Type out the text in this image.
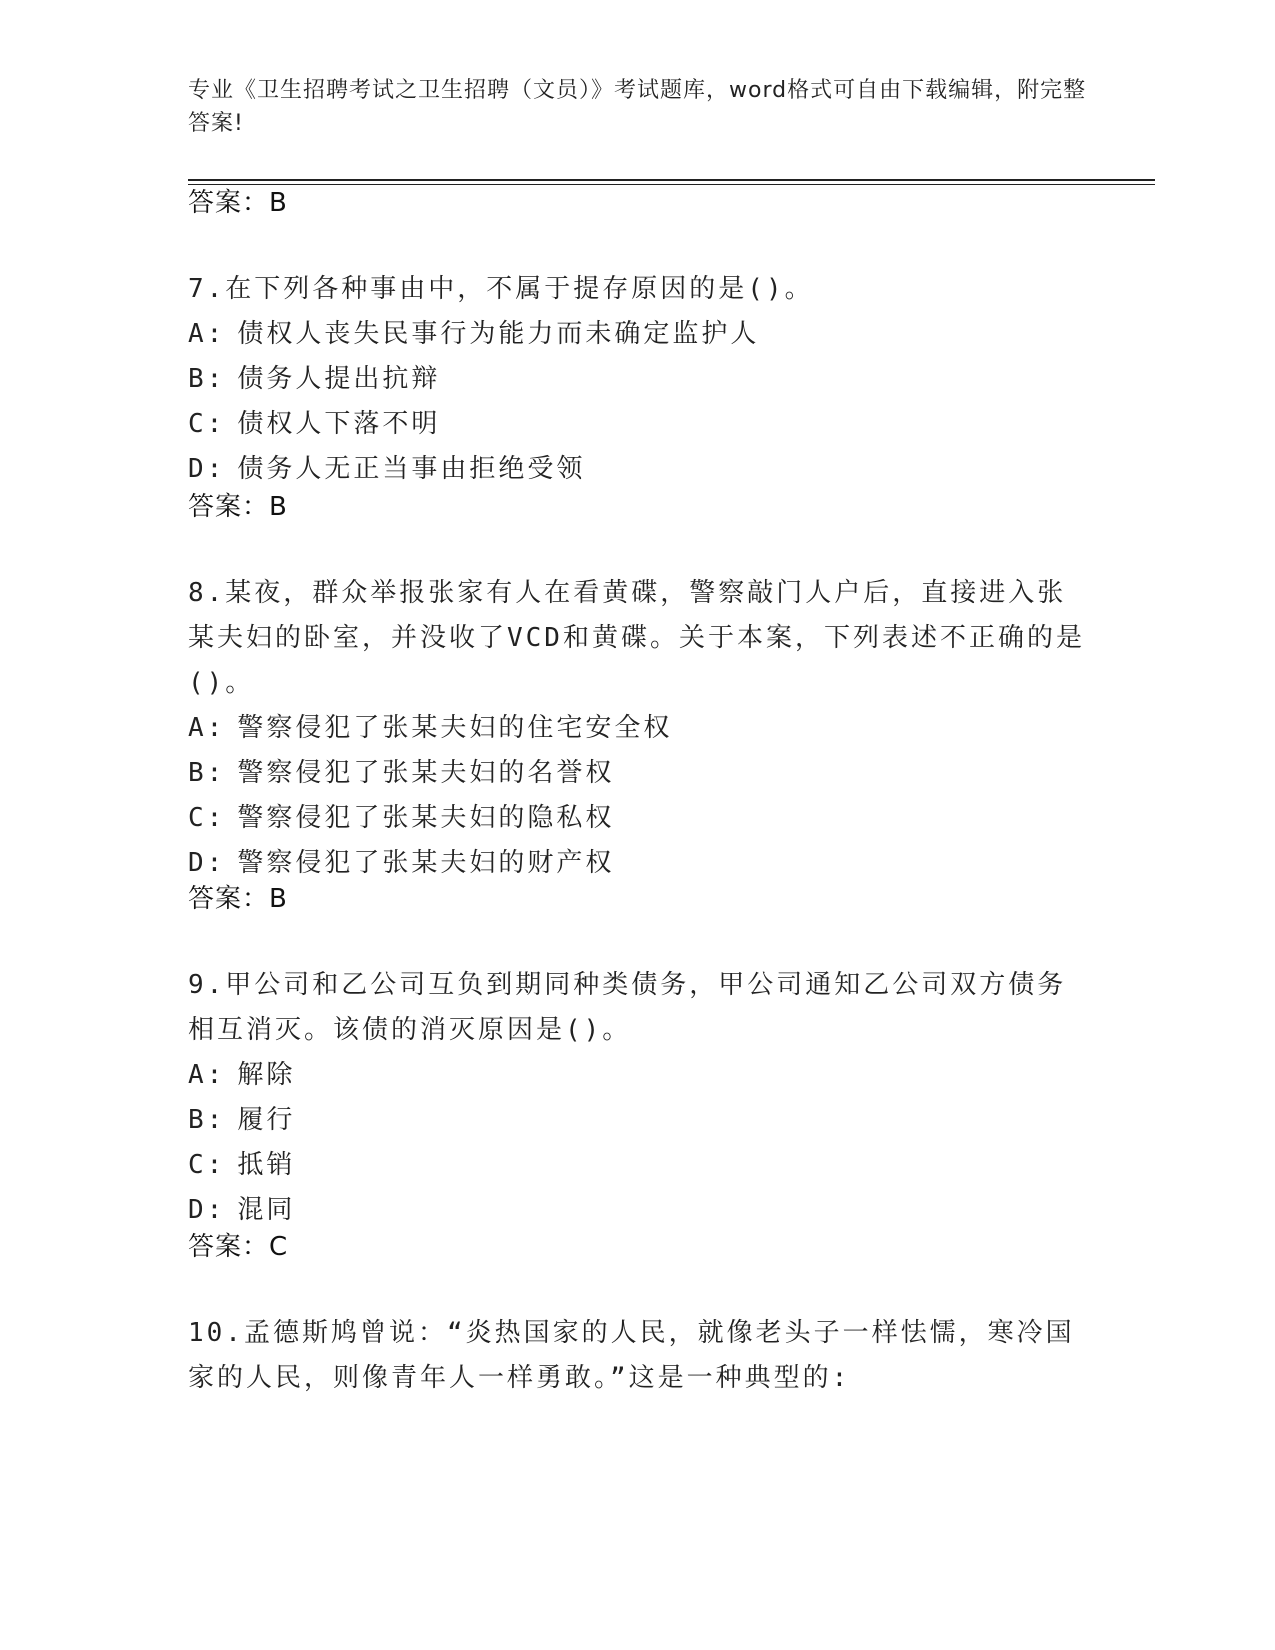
专业《卫生招聘考试之卫生招聘（文员）》考试题库，word格式可自由下载编辑，附完整答案!
答案：B

7.在下列各种事由中，不属于提存原因的是()。

A: 债权人丧失民事行为能力而未确定监护人

B: 债务人提出抗辩

C: 债权人下落不明

D: 债务人无正当事由拒绝受领

答案：B

8.某夜，群众举报张家有人在看黄碟，警察敲门人户后，直接进入张某夫妇的卧室，并没收了VCD和黄碟。关于本案，下列表述不正确的是()。

A: 警察侵犯了张某夫妇的住宅安全权

B: 警察侵犯了张某夫妇的名誉权

C: 警察侵犯了张某夫妇的隐私权

D: 警察侵犯了张某夫妇的财产权

答案：B

9.甲公司和乙公司互负到期同种类债务，甲公司通知乙公司双方债务相互消灭。该债的消灭原因是()。

A: 解除

B: 履行

C: 抵销

D: 混同

答案：C

10.孟德斯鸠曾说：“炎热国家的人民，就像老头子一样怯懦，寒冷国家的人民，则像青年人一样勇敢。”这是一种典型的:
